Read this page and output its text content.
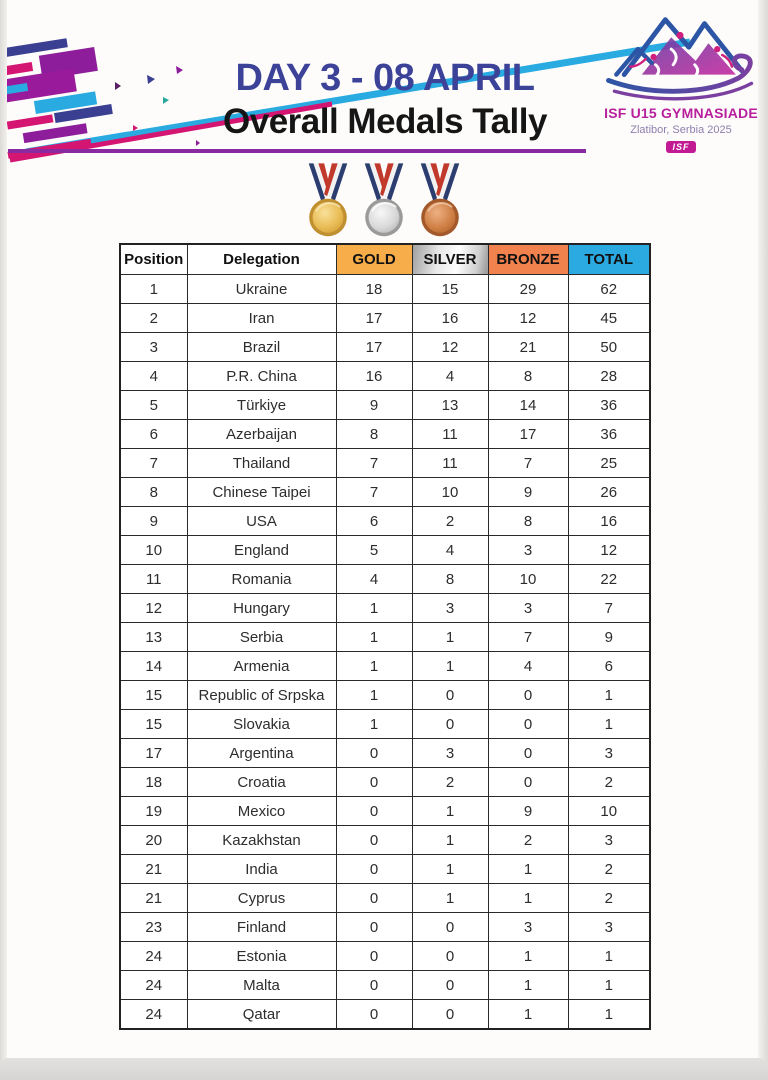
DAY 3 - 08 APRIL
Overall Medals Tally	ISF U15 GYMNASIADE
Zlatibor, Serbia 2025
ISF
Position	Delegation	GOLD	SILVER	BRONZE	TOTAL
1	Ukraine	18	15	29	62
2	Iran	17	16	12	45
3	Brazil	17	12	21	50
4	P.R. China	16	4	8	28
5	Türkiye	9	13	14	36
6	Azerbaijan	8	11	17	36
7	Thailand	7	11	7	25
8	Chinese Taipei	7	10	9	26
9	USA	6	2	8	16
10	England	5	4	3	12
11	Romania	4	8	10	22
12	Hungary	1	3	3	7
13	Serbia	1	1	7	9
14	Armenia	1	1	4	6
15	Republic of Srpska	1	0	0	1
15	Slovakia	1	0	0	1
17	Argentina	0	3	0	3
18	Croatia	0	2	0	2
19	Mexico	0	1	9	10
20	Kazakhstan	0	1	2	3
21	India	0	1	1	2
21	Cyprus	0	1	1	2
23	Finland	0	0	3	3
24	Estonia	0	0	1	1
24	Malta	0	0	1	1
24	Qatar	0	0	1	1
